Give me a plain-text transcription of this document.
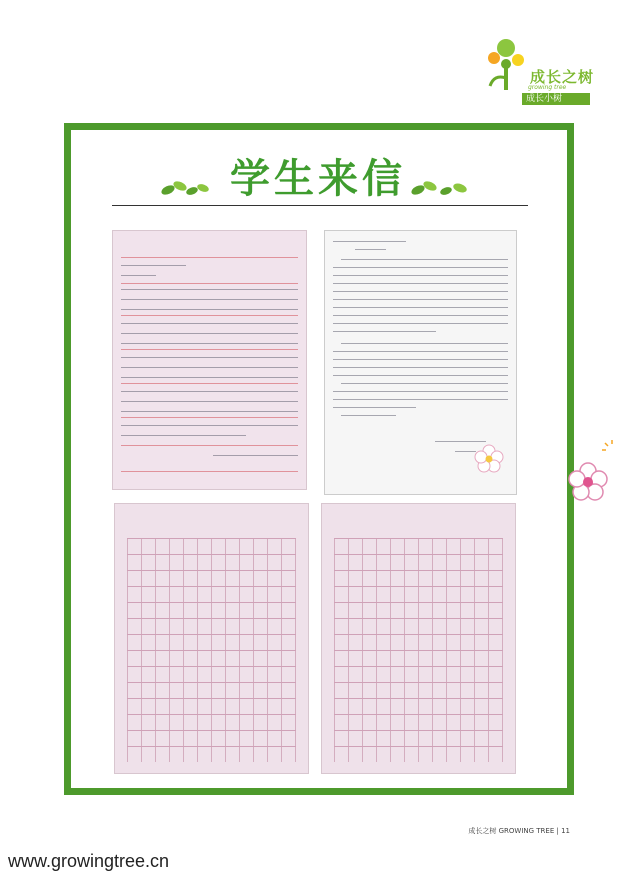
成长之树
growing tree
成长小树
学生来信
成长之树 GROWING TREE | 11
www.growingtree.cn
